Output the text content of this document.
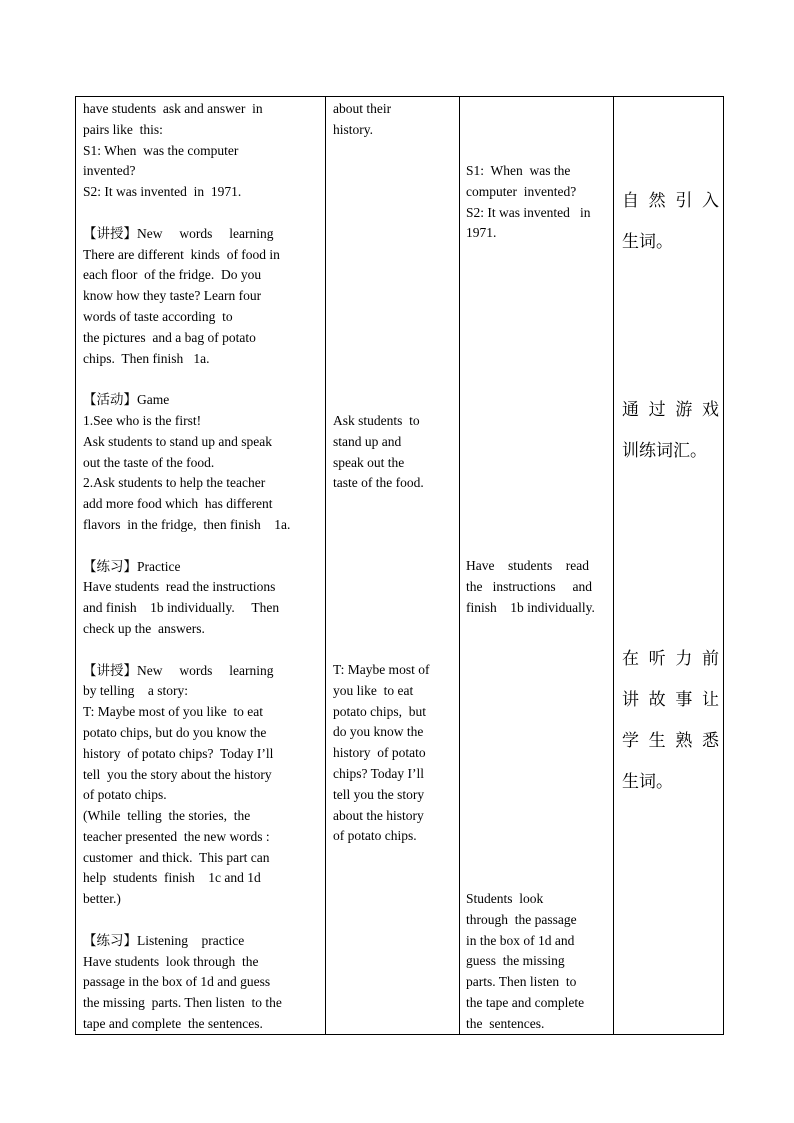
have students  ask and answer  in
pairs like  this:
S1: When  was the computer
invented?
S2: It was invented  in  1971.
【讲授】New     words     learning
There are different  kinds  of food in
each floor  of the fridge.  Do you
know how they taste? Learn four
words of taste according  to
the pictures  and a bag of potato
chips.  Then finish   1a.
【活动】Game
1.See who is the first!
Ask students to stand up and speak
out the taste of the food.
2.Ask students to help the teacher
add more food which  has different
flavors  in the fridge,  then finish    1a.
【练习】Practice
Have students  read the instructions
and finish    1b individually.     Then
check up the  answers.
【讲授】New     words     learning
by telling    a story:
T: Maybe most of you like  to eat
potato chips, but do you know the
history  of potato chips?  Today I’ll
tell  you the story about the history
of potato chips.
(While  telling  the stories,  the
teacher presented  the new words :
customer  and thick.  This part can
help  students  finish    1c and 1d
better.)
【练习】Listening    practice
Have students  look through  the
passage in the box of 1d and guess
the missing  parts. Then listen  to the
tape and complete  the sentences.

about their
history.
Ask students  to
stand up and
speak out the
taste of the food.
T: Maybe most of
you like  to eat
potato chips,  but
do you know the
history  of potato
chips? Today I’ll
tell you the story
about the history
of potato chips.

S1:  When  was the
computer  invented?
S2: It was invented   in
1971.
Have    students    read
the   instructions     and
finish    1b individually.
Students  look
through  the passage
in the box of 1d and
guess  the missing
parts. Then listen  to
the tape and complete
the  sentences.

自 然 引 入
生词。
通 过 游 戏
训练词汇。
在 听 力 前
讲 故 事 让
学 生 熟 悉
生词。
